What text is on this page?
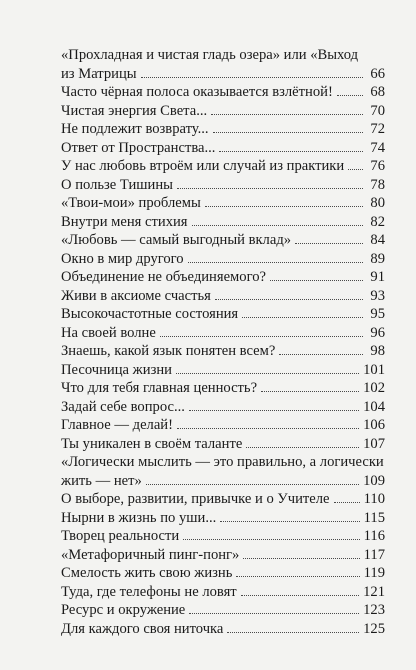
«Прохладная и чистая гладь озера» или «Выход
из Матрицы	66
Часто чёрная полоса оказывается взлётной!	68
Чистая энергия Света...	70
Не подлежит возврату...	72
Ответ от Пространства...	74
У нас любовь втроём или случай из практики 76
О пользе Тишины	78
«Твои-мои» проблемы	80
Внутри меня стихия	82
«Любовь — самый выгодный вклад»	84
Окно в мир другого	89
Объединение не объединяемого?	91
Живи в аксиоме счастья	93
Высокочастотные состояния	95
На своей волне	96
Знаешь, какой язык понятен всем?	98
Песочница жизни	101
Что для тебя главная ценность?	102
Задай себе вопрос...	104
Главное — делай!	106
Ты уникален в своём таланте	107
«Логически мыслить — это правильно, а логически
жить — нет»	109
О выборе, развитии, привычке и о Учителе 110
Нырни в жизнь по уши...	115
Творец реальности	116
«Метафоричный пинг-понг»	117
Смелость жить свою жизнь	119
Туда, где телефоны не ловят	121
Ресурс и окружение	123
Для каждого своя ниточка	125
